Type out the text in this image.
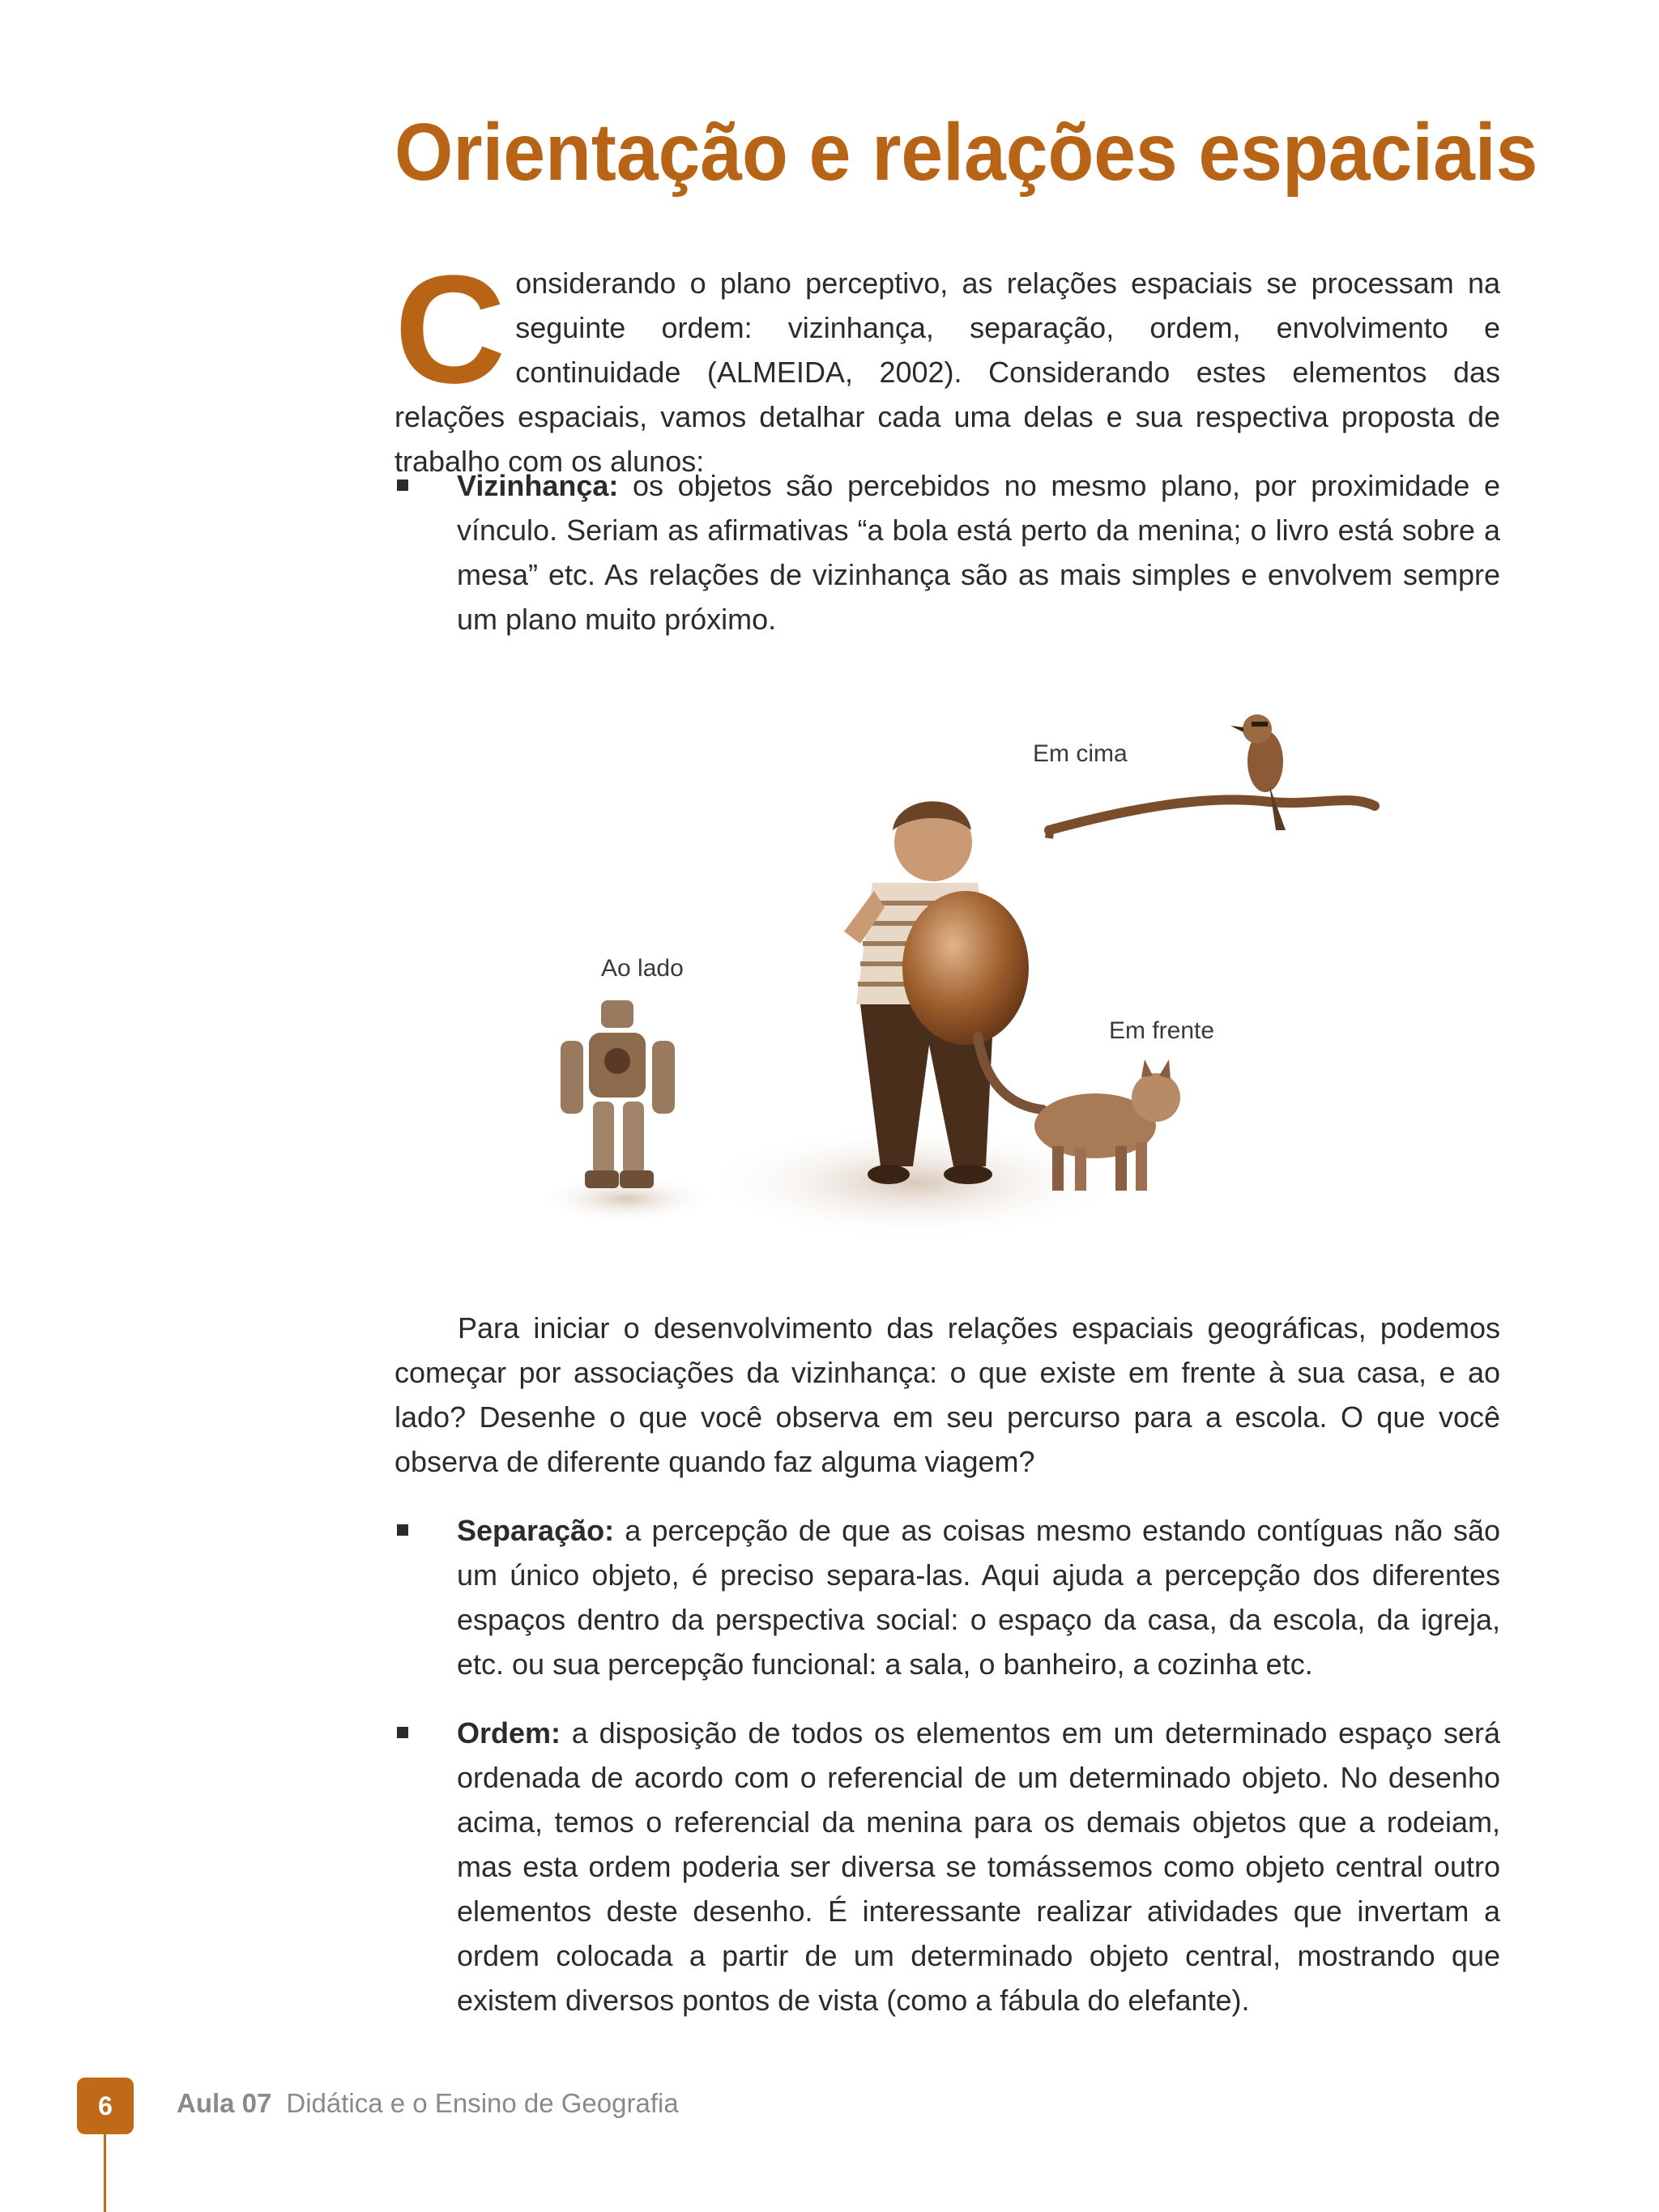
Orientação e relações espaciais
C onsiderando o plano perceptivo, as relações espaciais se processam na seguinte ordem: vizinhança, separação, ordem, envolvimento e continuidade (ALMEIDA, 2002). Considerando estes elementos das relações espaciais, vamos detalhar cada uma delas e sua respectiva proposta de trabalho com os alunos:
Vizinhança: os objetos são percebidos no mesmo plano, por proximidade e vínculo. Seriam as afirmativas “a bola está perto da menina; o livro está sobre a mesa” etc. As relações de vizinhança são as mais simples e envolvem sempre um plano muito próximo.
Em cima
Ao lado
Em frente
Para iniciar o desenvolvimento das relações espaciais geográficas, podemos começar por associações da vizinhança: o que existe em frente à sua casa, e ao lado? Desenhe o que você observa em seu percurso para a escola. O que você observa de diferente quando faz alguma viagem?
Separação: a percepção de que as coisas mesmo estando contíguas não são um único objeto, é preciso separa-las. Aqui ajuda a percepção dos diferentes espaços dentro da perspectiva social: o espaço da casa, da escola, da igreja, etc. ou sua percepção funcional: a sala, o banheiro, a cozinha etc.
Ordem: a disposição de todos os elementos em um determinado espaço será ordenada de acordo com o referencial de um determinado objeto. No desenho acima, temos o referencial da menina para os demais objetos que a rodeiam, mas esta ordem poderia ser diversa se tomássemos como objeto central outro elementos deste desenho. É interessante realizar atividades que invertam a ordem colocada a partir de um determinado objeto central, mostrando que existem diversos pontos de vista (como a fábula do elefante).
6	Aula 07 Didática e o Ensino de Geografia
